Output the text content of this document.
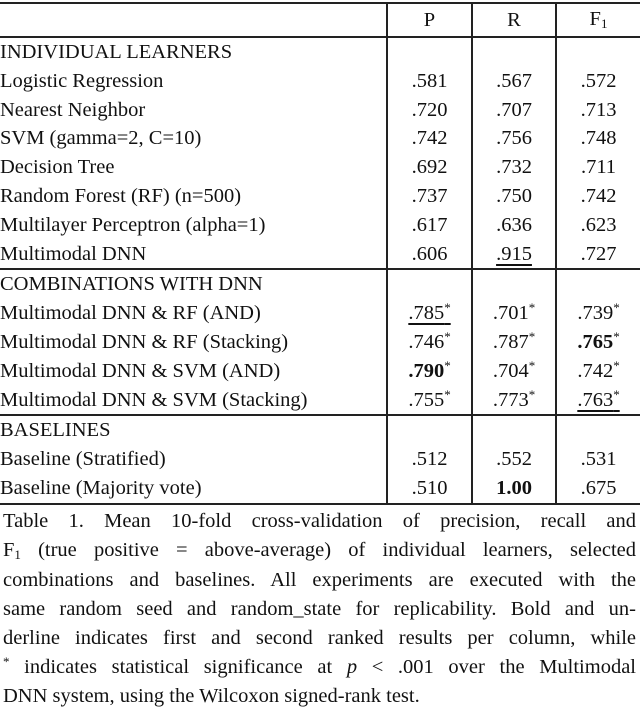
	P	R	$F_1$
INDIVIDUAL LEARNERS			
Logistic Regression	.581	.567	.572
Nearest Neighbor	.720	.707	.713
SVM (gamma=2, C=10)	.742	.756	.748
Decision Tree	.692	.732	.711
Random Forest (RF) (n=500)	.737	.750	.742
Multilayer Perceptron (alpha=1)	.617	.636	.623
Multimodal DNN	.606	.915	.727
COMBINATIONS WITH DNN			
Multimodal DNN & RF (AND)	.785*	.701*	.739*
Multimodal DNN & RF (Stacking)	.746*	.787*	.765*
Multimodal DNN & SVM (AND)	.790*	.704*	.742*
Multimodal DNN & SVM (Stacking)	.755*	.773*	.763*
BASELINES			
Baseline (Stratified)	.512	.552	.531
Baseline (Majority vote)	.510	1.00	.675

Table 1. Mean 10-fold cross-validation of precision, recall and
$F_1$ (true positive = above-average) of individual learners, selected
combinations and baselines. All experiments are executed with the
same random seed and random_state for replicability. Bold and un-
derline indicates first and second ranked results per column, while
* indicates statistical significance at p < .001 over the Multimodal
DNN system, using the Wilcoxon signed-rank test.
